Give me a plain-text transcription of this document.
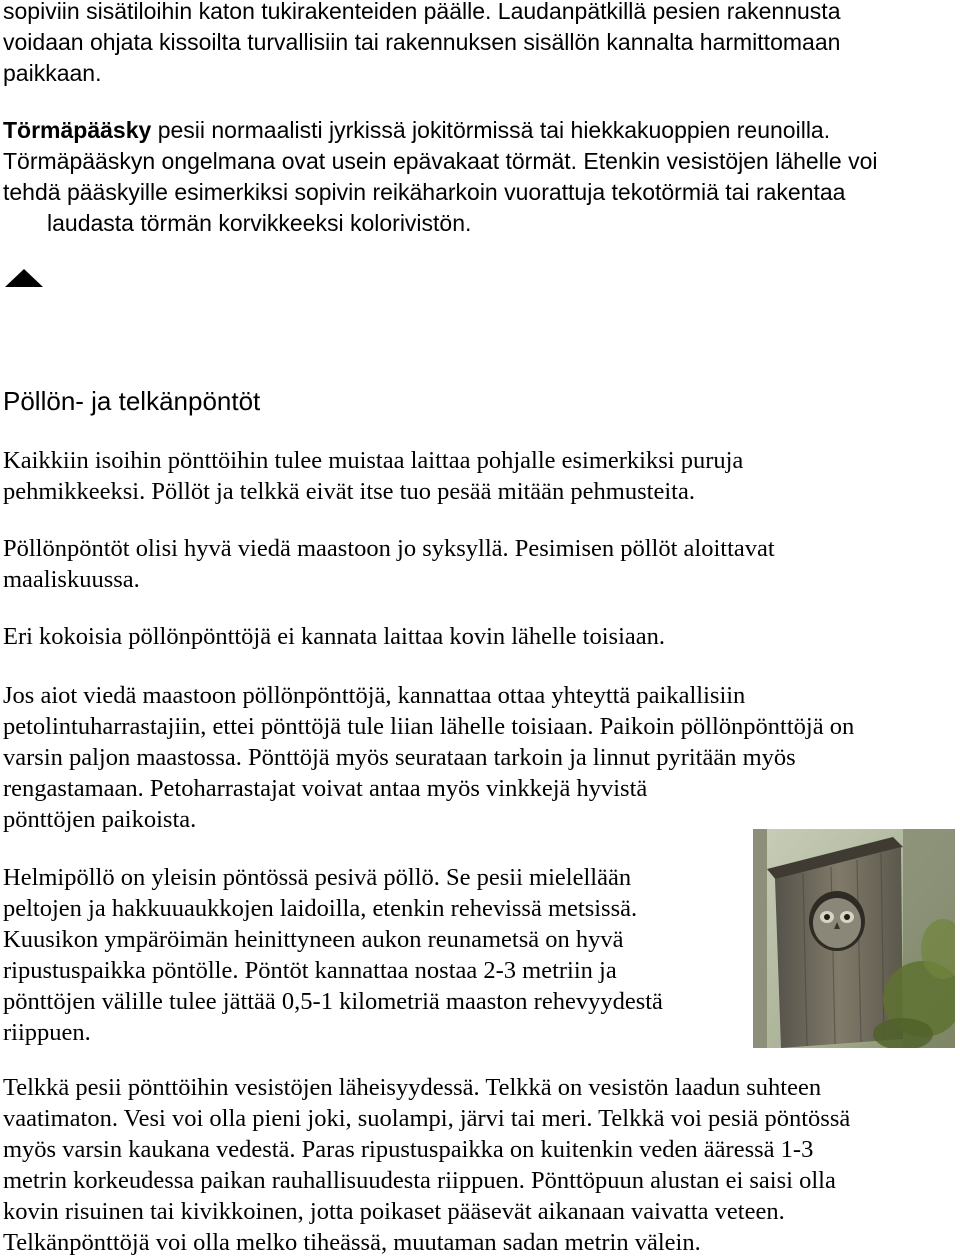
sopiviin sisätiloihin katon tukirakenteiden päälle. Laudanpätkillä pesien rakennusta
voidaan ohjata kissoilta turvallisiin tai rakennuksen sisällön kannalta harmittomaan
paikkaan.
Törmäpääsky pesii normaalisti jyrkissä jokitörmissä tai hiekkakuoppien reunoilla.
Törmäpääskyn ongelmana ovat usein epävakaat törmät. Etenkin vesistöjen lähelle voi
tehdä pääskyille esimerkiksi sopivin reikäharkoin vuorattuja tekotörmiä tai rakentaa
laudasta törmän korvikkeeksi kolorivistön.
Pöllön- ja telkänpöntöt
Kaikkiin isoihin pönttöihin tulee muistaa laittaa pohjalle esimerkiksi puruja
pehmikkeeksi. Pöllöt ja telkkä eivät itse tuo pesää mitään pehmusteita.
Pöllönpöntöt olisi hyvä viedä maastoon jo syksyllä. Pesimisen pöllöt aloittavat
maaliskuussa.
Eri kokoisia pöllönpönttöjä ei kannata laittaa kovin lähelle toisiaan.
Jos aiot viedä maastoon pöllönpönttöjä, kannattaa ottaa yhteyttä paikallisiin
petolintuharrastajiin, ettei pönttöjä tule liian lähelle toisiaan. Paikoin pöllönpönttöjä on
varsin paljon maastossa. Pönttöjä myös seurataan tarkoin ja linnut pyritään myös
rengastamaan. Petoharrastajat voivat antaa myös vinkkejä hyvistä
pönttöjen paikoista.
Helmipöllö on yleisin pöntössä pesivä pöllö. Se pesii mielellään
peltojen ja hakkuuaukkojen laidoilla, etenkin rehevissä metsissä.
Kuusikon ympäröimän heinittyneen aukon reunametsä on hyvä
ripustuspaikka pöntölle. Pöntöt kannattaa nostaa 2-3 metriin ja
pönttöjen välille tulee jättää 0,5-1 kilometriä maaston rehevyydestä
riippuen.
Telkkä pesii pönttöihin vesistöjen läheisyydessä. Telkkä on vesistön laadun suhteen
vaatimaton. Vesi voi olla pieni joki, suolampi, järvi tai meri. Telkkä voi pesiä pöntössä
myös varsin kaukana vedestä. Paras ripustuspaikka on kuitenkin veden ääressä 1-3
metrin korkeudessa paikan rauhallisuudesta riippuen. Pönttöpuun alustan ei saisi olla
kovin risuinen tai kivikkoinen, jotta poikaset pääsevät aikanaan vaivatta veteen.
Telkänpönttöjä voi olla melko tiheässä, muutaman sadan metrin välein.
